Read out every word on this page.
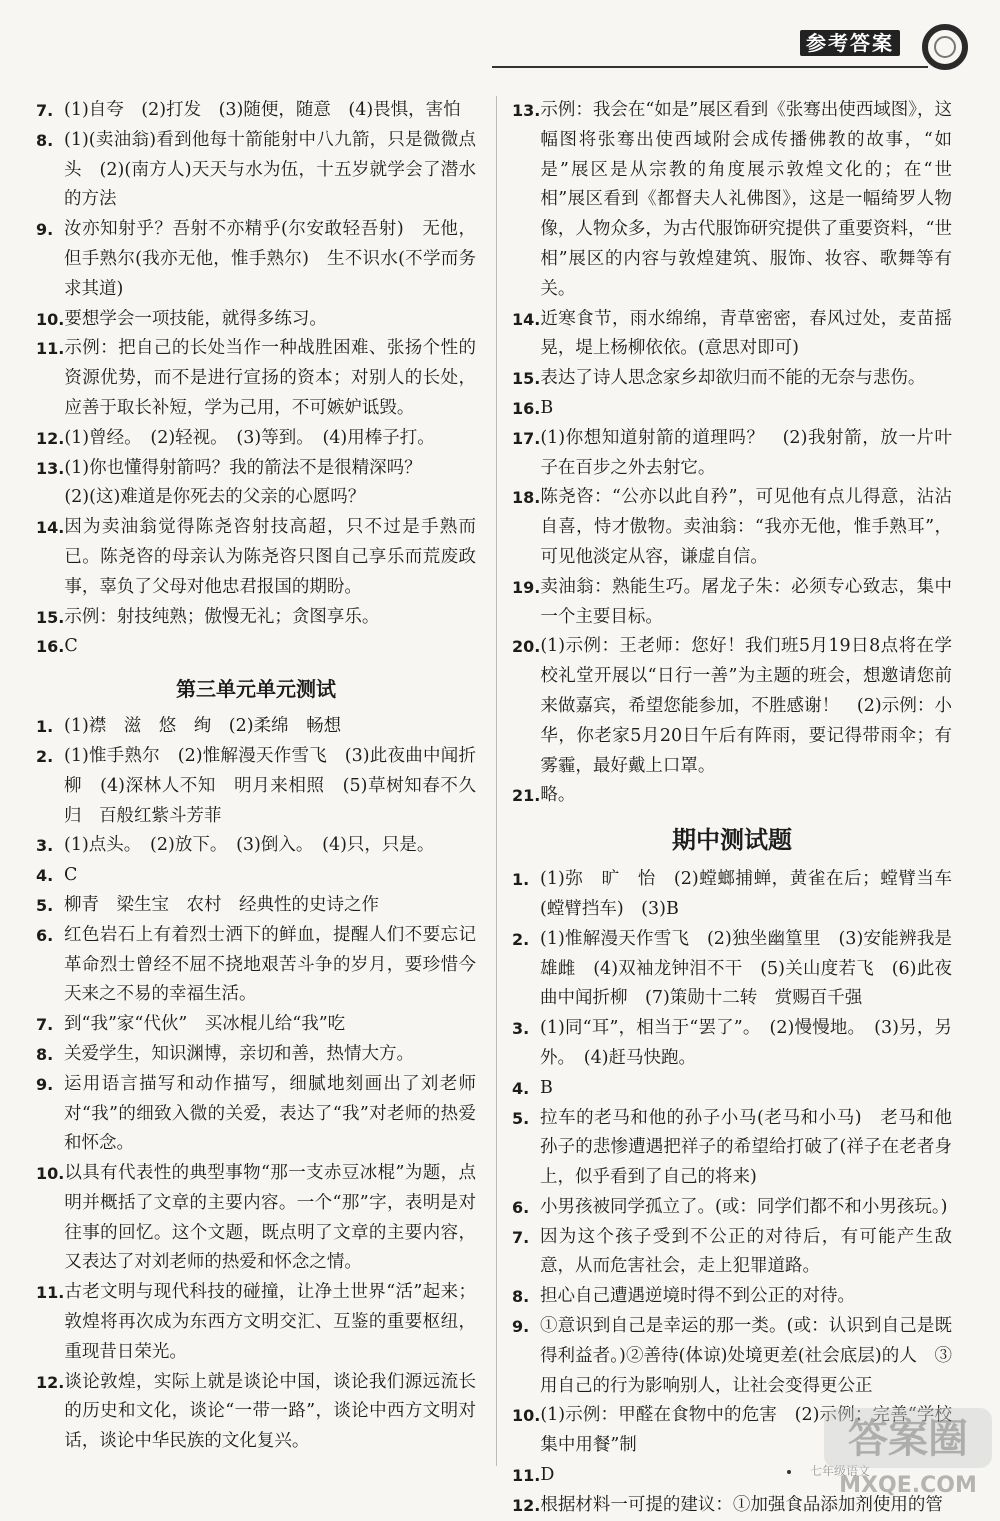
参考答案
7. (1)自夸　(2)打发　(3)随便，随意　(4)畏惧，害怕
8. (1)(卖油翁)看到他每十箭能射中八九箭，只是微微点头　(2)(南方人)天天与水为伍，十五岁就学会了潜水的方法
9. 汝亦知射乎？吾射不亦精乎(尔安敢轻吾射)　无他，但手熟尔(我亦无他，惟手熟尔)　生不识水(不学而务求其道)
10. 要想学会一项技能，就得多练习。
11. 示例：把自己的长处当作一种战胜困难、张扬个性的资源优势，而不是进行宣扬的资本；对别人的长处，应善于取长补短，学为己用，不可嫉妒诋毁。
12. (1)曾经。　(2)轻视。　(3)等到。　(4)用棒子打。
13. (1)你也懂得射箭吗？我的箭法不是很精深吗？
(2)(这)难道是你死去的父亲的心愿吗？
14. 因为卖油翁觉得陈尧咨射技高超，只不过是手熟而已。陈尧咨的母亲认为陈尧咨只图自己享乐而荒废政事，辜负了父母对他忠君报国的期盼。
15. 示例：射技纯熟；傲慢无礼；贪图享乐。
16. C
第三单元单元测试
1. (1)襟　滋　悠　绚　(2)柔绵　畅想
2. (1)惟手熟尔　(2)惟解漫天作雪飞　(3)此夜曲中闻折柳　(4)深林人不知　明月来相照　(5)草树知春不久归　百般红紫斗芳菲
3. (1)点头。　(2)放下。　(3)倒入。　(4)只，只是。
4. C
5. 柳青　梁生宝　农村　经典性的史诗之作
6. 红色岩石上有着烈士洒下的鲜血，提醒人们不要忘记革命烈士曾经不屈不挠地艰苦斗争的岁月，要珍惜今天来之不易的幸福生活。
7. 到“我”家“代伙”　买冰棍儿给“我”吃
8. 关爱学生，知识渊博，亲切和善，热情大方。
9. 运用语言描写和动作描写，细腻地刻画出了刘老师对“我”的细致入微的关爱，表达了“我”对老师的热爱和怀念。
10. 以具有代表性的典型事物“那一支赤豆冰棍”为题，点明并概括了文章的主要内容。一个“那”字，表明是对往事的回忆。这个文题，既点明了文章的主要内容，又表达了对刘老师的热爱和怀念之情。
11. 古老文明与现代科技的碰撞，让净土世界“活”起来；敦煌将再次成为东西方文明交汇、互鉴的重要枢纽，重现昔日荣光。
12. 谈论敦煌，实际上就是谈论中国，谈论我们源远流长的历史和文化，谈论“一带一路”，谈论中西方文明对话，谈论中华民族的文化复兴。
13. 示例：我会在“如是”展区看到《张骞出使西域图》，这幅图将张骞出使西域附会成传播佛教的故事，“如是”展区是从宗教的角度展示敦煌文化的；在“世相”展区看到《都督夫人礼佛图》，这是一幅绮罗人物像，人物众多，为古代服饰研究提供了重要资料，“世相”展区的内容与敦煌建筑、服饰、妆容、歌舞等有关。
14. 近寒食节，雨水绵绵，青草密密，春风过处，麦苗摇晃，堤上杨柳依依。(意思对即可)
15. 表达了诗人思念家乡却欲归而不能的无奈与悲伤。
16. B
17. (1)你想知道射箭的道理吗？　(2)我射箭，放一片叶子在百步之外去射它。
18. 陈尧咨：“公亦以此自矜”，可见他有点儿得意，沾沾自喜，恃才傲物。卖油翁：“我亦无他，惟手熟耳”，可见他淡定从容，谦虚自信。
19. 卖油翁：熟能生巧。屠龙子朱：必须专心致志，集中一个主要目标。
20. (1)示例：王老师：您好！我们班5月19日8点将在学校礼堂开展以“日行一善”为主题的班会，想邀请您前来做嘉宾，希望您能参加，不胜感谢！　(2)示例：小华，你老家5月20日午后有阵雨，要记得带雨伞；有雾霾，最好戴上口罩。
21. 略。
期中测试题
1. (1)弥　旷　怡　(2)螳螂捕蝉，黄雀在后；螳臂当车(螳臂挡车)　(3)B
2. (1)惟解漫天作雪飞　(2)独坐幽篁里　(3)安能辨我是雄雌　(4)双袖龙钟泪不干　(5)关山度若飞　(6)此夜曲中闻折柳　(7)策勋十二转　赏赐百千强
3. (1)同“耳”，相当于“罢了”。　(2)慢慢地。　(3)另，另外。　(4)赶马快跑。
4. B
5. 拉车的老马和他的孙子小马(老马和小马)　老马和他孙子的悲惨遭遇把祥子的希望给打破了(祥子在老者身上，似乎看到了自己的将来)
6. 小男孩被同学孤立了。(或：同学们都不和小男孩玩。)
7. 因为这个孩子受到不公正的对待后，有可能产生敌意，从而危害社会，走上犯罪道路。
8. 担心自己遭遇逆境时得不到公正的对待。
9. ①意识到自己是幸运的那一类。(或：认识到自己是既得利益者。)②善待(体谅)处境更差(社会底层)的人　③用自己的行为影响别人，让社会变得更公正
10. (1)示例：甲醛在食物中的危害　(2)示例：完善“学校集中用餐”制
11. D
12. 根据材料一可提的建议：①加强食品添加剂使用的管
七年级语文
答案圈
MXQE.COM
